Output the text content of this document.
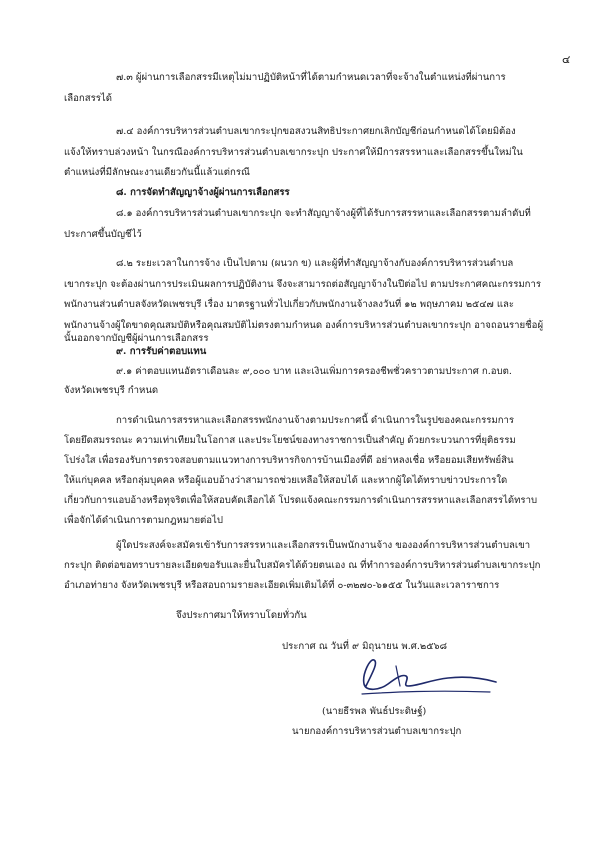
๔
๗.๓ ผู้ผ่านการเลือกสรรมีเหตุไม่มาปฏิบัติหน้าที่ได้ตามกำหนดเวลาที่จะจ้างในตำแหน่งที่ผ่านการ
เลือกสรรได้
๗.๔ องค์การบริหารส่วนตำบลเขากระปุกขอสงวนสิทธิประกาศยกเลิกบัญชีก่อนกำหนดได้โดยมิต้อง
แจ้งให้ทราบล่วงหน้า ในกรณีองค์การบริหารส่วนตำบลเขากระปุก ประกาศให้มีการสรรหาและเลือกสรรขึ้นใหม่ใน
ตำแหน่งที่มีลักษณะงานเดียวกันนี้แล้วแต่กรณี
๘. การจัดทำสัญญาจ้างผู้ผ่านการเลือกสรร
๘.๑ องค์การบริหารส่วนตำบลเขากระปุก จะทำสัญญาจ้างผู้ที่ได้รับการสรรหาและเลือกสรรตามลำดับที่
ประกาศขึ้นบัญชีไว้
๘.๒ ระยะเวลาในการจ้าง เป็นไปตาม (ผนวก ข) และผู้ที่ทำสัญญาจ้างกับองค์การบริหารส่วนตำบล
เขากระปุก จะต้องผ่านการประเมินผลการปฏิบัติงาน จึงจะสามารถต่อสัญญาจ้างในปีต่อไป ตามประกาศคณะกรรมการ
พนักงานส่วนตำบลจังหวัดเพชรบุรี เรื่อง มาตรฐานทั่วไปเกี่ยวกับพนักงานจ้างลงวันที่ ๑๒ พฤษภาคม ๒๕๔๗ และ
พนักงานจ้างผู้ใดขาดคุณสมบัติหรือคุณสมบัติไม่ตรงตามกำหนด องค์การบริหารส่วนตำบลเขากระปุก อาจถอนรายชื่อผู้
นั้นออกจากบัญชีผู้ผ่านการเลือกสรร
๙. การรับค่าตอบแทน
๙.๑ ค่าตอบแทนอัตราเดือนละ ๙,๐๐๐ บาท และเงินเพิ่มการครองชีพชั่วคราวตามประกาศ ก.อบต.
จังหวัดเพชรบุรี กำหนด
การดำเนินการสรรหาและเลือกสรรพนักงานจ้างตามประกาศนี้ ดำเนินการในรูปของคณะกรรมการ
โดยยึดสมรรถนะ ความเท่าเทียมในโอกาส และประโยชน์ของทางราชการเป็นสำคัญ ด้วยกระบวนการที่ยุติธรรม
โปร่งใส เพื่อรองรับการตรวจสอบตามแนวทางการบริหารกิจการบ้านเมืองที่ดี อย่าหลงเชื่อ หรือยอมเสียทรัพย์สิน
ให้แก่บุคคล หรือกลุ่มบุคคล หรือผู้แอบอ้างว่าสามารถช่วยเหลือให้สอบได้ และหากผู้ใดได้ทราบข่าวประการใด
เกี่ยวกับการแอบอ้างหรือทุจริตเพื่อให้สอบคัดเลือกได้ โปรดแจ้งคณะกรรมการดำเนินการสรรหาและเลือกสรรได้ทราบ
เพื่อจักได้ดำเนินการตามกฎหมายต่อไป
ผู้ใดประสงค์จะสมัครเข้ารับการสรรหาและเลือกสรรเป็นพนักงานจ้าง ขององค์การบริหารส่วนตำบลเขา
กระปุก ติดต่อขอทราบรายละเอียดขอรับและยื่นใบสมัครได้ด้วยตนเอง ณ ที่ทำการองค์การบริหารส่วนตำบลเขากระปุก
อำเภอท่ายาง จังหวัดเพชรบุรี หรือสอบถามรายละเอียดเพิ่มเติมได้ที่ ๐-๓๒๗๐-๖๑๕๕ ในวันและเวลาราชการ
จึงประกาศมาให้ทราบโดยทั่วกัน
ประกาศ ณ วันที่ ๙ มิถุนายน พ.ศ.๒๕๖๘
(นายธีรพล พันธ์ประดิษฐ์)
นายกองค์การบริหารส่วนตำบลเขากระปุก
